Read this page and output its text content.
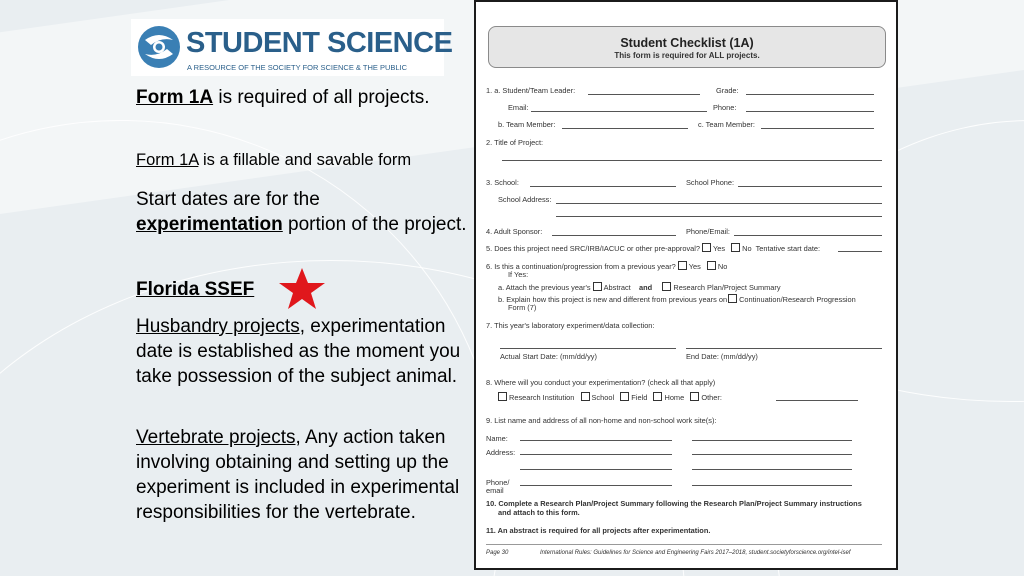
STUDENT SCIENCE
A RESOURCE OF THE SOCIETY FOR SCIENCE & THE PUBLIC
Form 1A is required of all projects.
Form 1A is a fillable and savable form
Start dates are for the experimentation portion of the project.
Florida SSEF
Husbandry projects, experimentation date is established as the moment you take possession of the subject animal.
Vertebrate projects, Any action taken involving obtaining and setting up the experiment is included in experimental responsibilities for the vertebrate.
Student Checklist (1A)
This form is required for ALL projects.
1. a. Student/Team Leader:	Grade:
Email:	Phone:
b. Team Member:	c. Team Member:
2. Title of Project:
3. School:	School Phone:
School Address:
4. Adult Sponsor:	Phone/Email:
5. Does this project need SRC/IRB/IACUC or other pre-approval? Yes No Tentative start date:
6. Is this a continuation/progression from a previous year? Yes No
If Yes:
a. Attach the previous year's Abstract and	Research Plan/Project Summary
b. Explain how this project is new and different from previous years on Continuation/Research Progression
Form (7)
7. This year's laboratory experiment/data collection:
Actual Start Date: (mm/dd/yy)	End Date: (mm/dd/yy)
8. Where will you conduct your experimentation? (check all that apply)
Research Institution School Field Home Other:
9. List name and address of all non-home and non-school work site(s):
Name:
Address:
Phone/
email
10. Complete a Research Plan/Project Summary following the Research Plan/Project Summary instructions
and attach to this form.
11. An abstract is required for all projects after experimentation.
Page 30	International Rules: Guidelines for Science and Engineering Fairs 2017–2018, student.societyforscience.org/intel-isef
